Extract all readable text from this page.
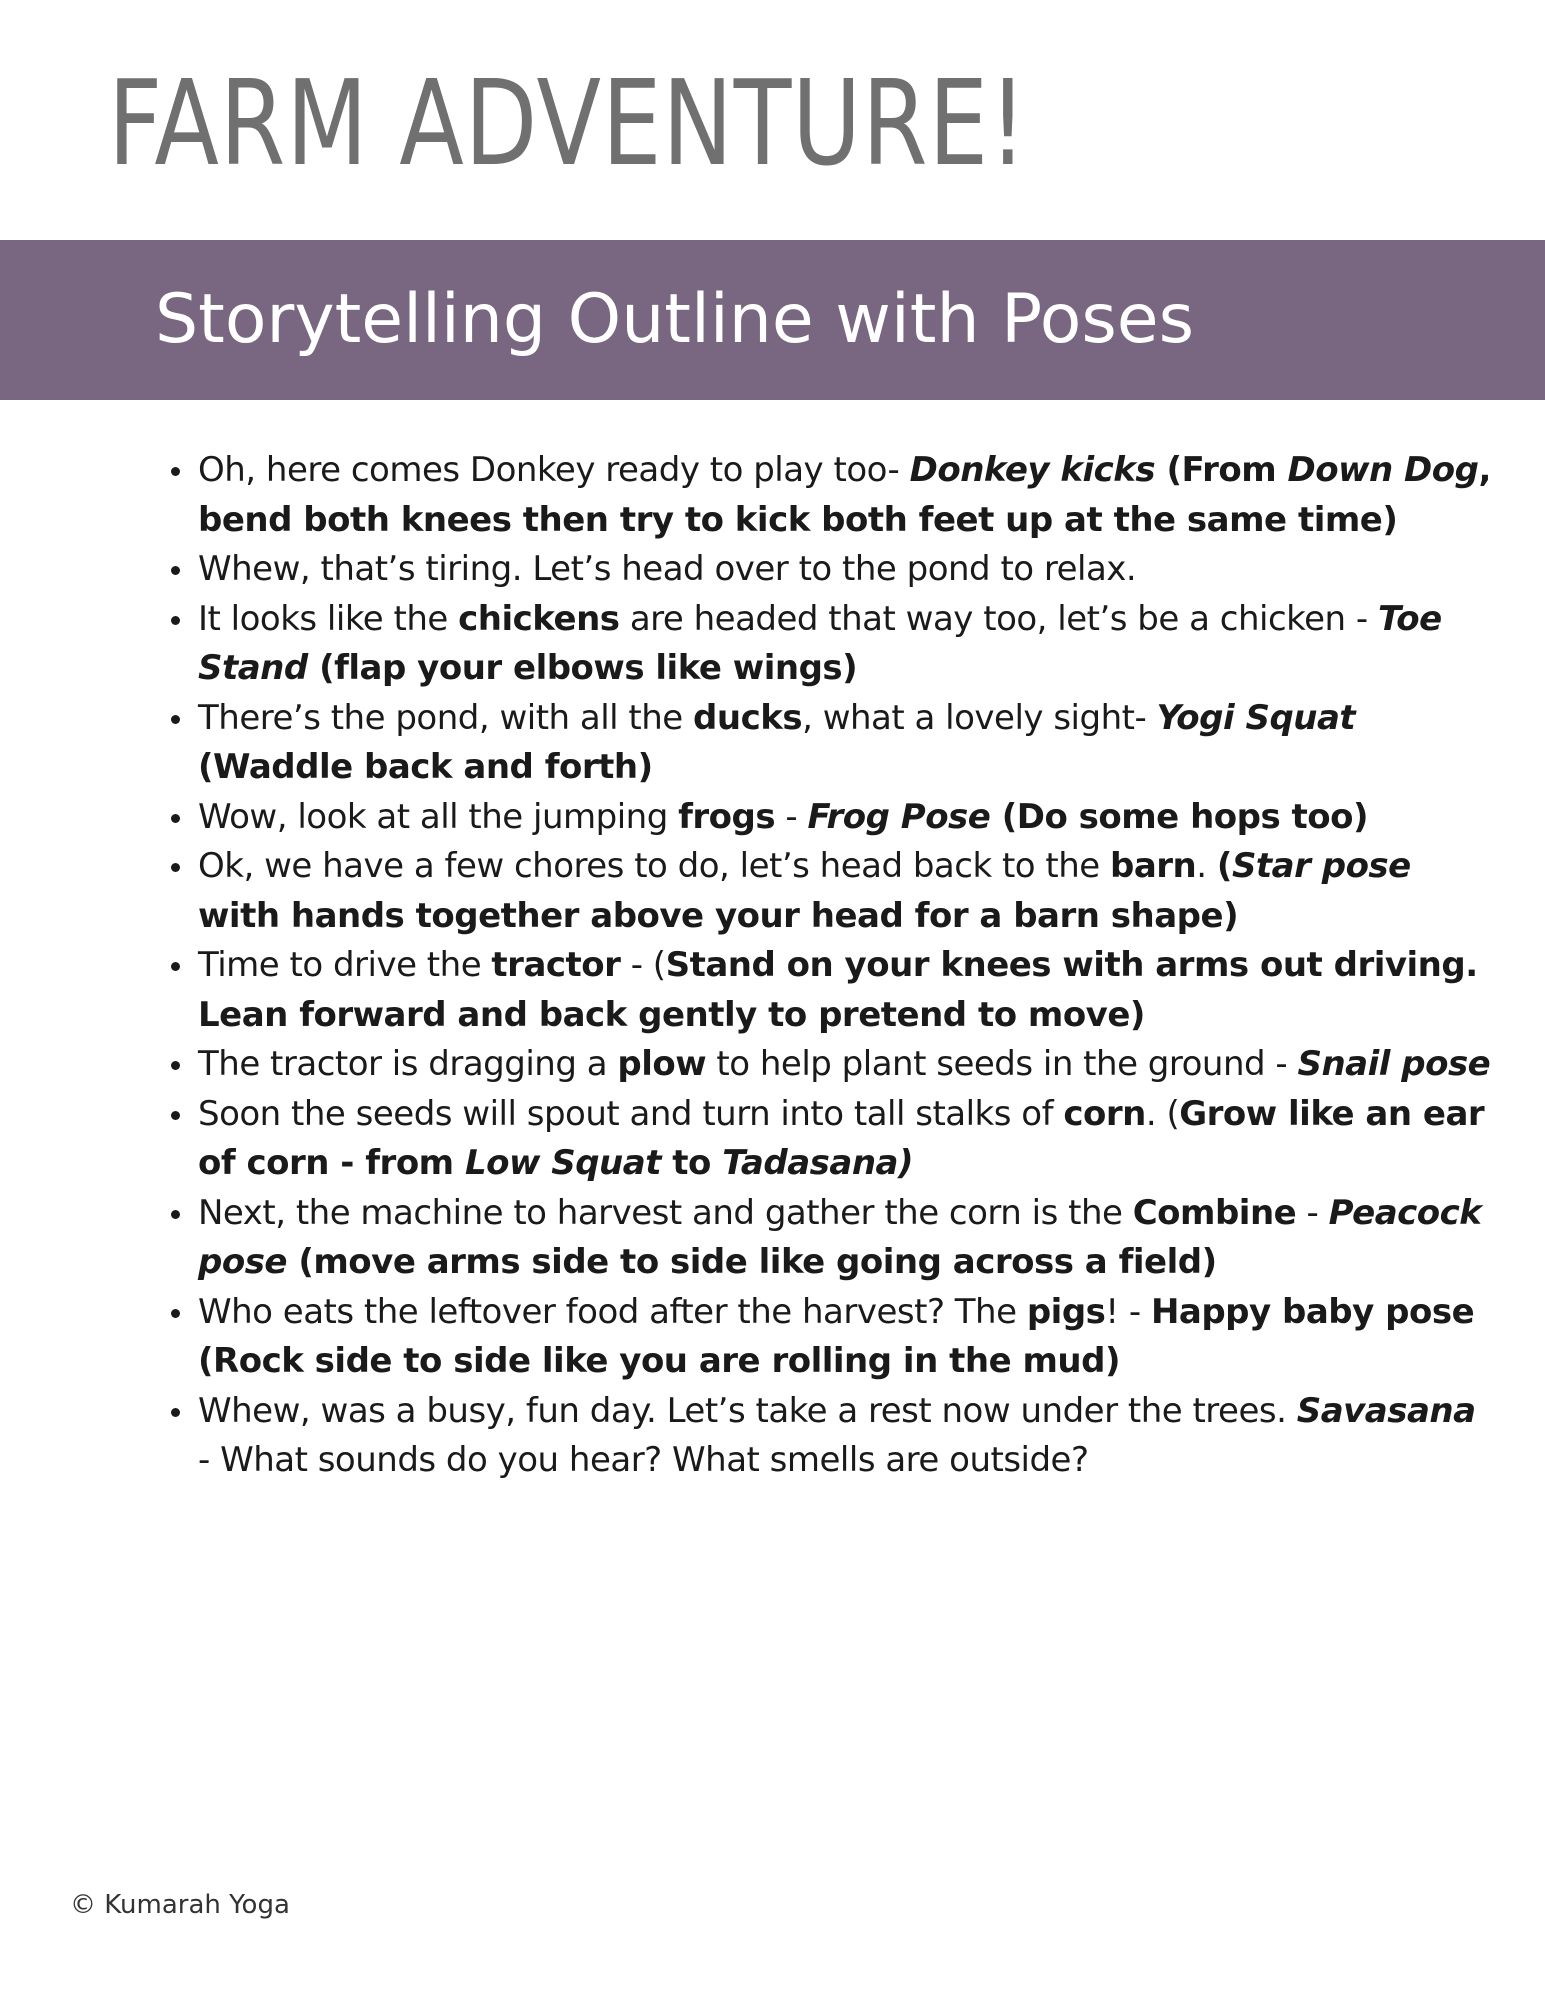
FARM ADVENTURE!
Storytelling Outline with Poses
• Oh, here comes Donkey ready to play too- Donkey kicks (From Down Dog, bend both knees then try to kick both feet up at the same time)
• Whew, that’s tiring. Let’s head over to the pond to relax.
• It looks like the chickens are headed that way too, let’s be a chicken - Toe Stand (flap your elbows like wings)
• There’s the pond, with all the ducks, what a lovely sight- Yogi Squat (Waddle back and forth)
• Wow, look at all the jumping frogs - Frog Pose (Do some hops too)
• Ok, we have a few chores to do, let’s head back to the barn. (Star pose with hands together above your head for a barn shape)
• Time to drive the tractor - (Stand on your knees with arms out driving. Lean forward and back gently to pretend to move)
• The tractor is dragging a plow to help plant seeds in the ground - Snail pose
• Soon the seeds will spout and turn into tall stalks of corn. (Grow like an ear of corn - from Low Squat to Tadasana)
• Next, the machine to harvest and gather the corn is the Combine - Peacock pose (move arms side to side like going across a field)
• Who eats the leftover food after the harvest? The pigs! - Happy baby pose (Rock side to side like you are rolling in the mud)
• Whew, was a busy, fun day. Let’s take a rest now under the trees. Savasana - What sounds do you hear? What smells are outside?
© Kumarah Yoga
